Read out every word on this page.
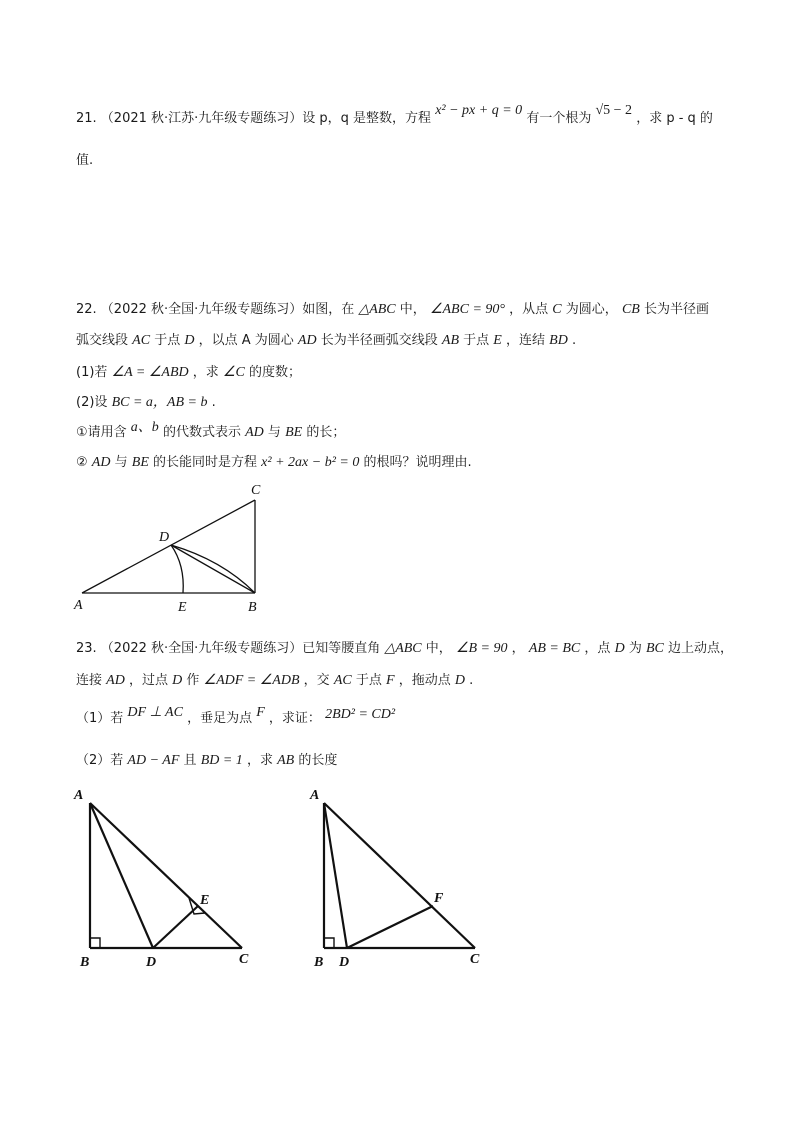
21. （2021 秋·江苏·九年级专题练习）设 p，q 是整数，方程 x² − px + q = 0 有一个根为 √5 − 2 ，求 p - q 的
值.
22. （2022 秋·全国·九年级专题练习）如图，在 △ABC 中， ∠ABC = 90° ，从点 C 为圆心， CB 长为半径画
弧交线段 AC 于点 D ，以点 A 为圆心 AD 长为半径画弧交线段 AB 于点 E ，连结 BD .
(1)若 ∠A = ∠ABD ，求 ∠C 的度数；
(2)设 BC = a，AB = b .
①请用含 a、b 的代数式表示 AD 与 BE 的长；
② AD 与 BE 的长能同时是方程 x² + 2ax − b² = 0 的根吗？说明理由.
C
D
A	E	B
23. （2022 秋·全国·九年级专题练习）已知等腰直角 △ABC 中， ∠B = 90 ， AB = BC ，点 D 为 BC 边上动点，
连接 AD ，过点 D 作 ∠ADF = ∠ADB ，交 AC 于点 F ，拖动点 D .
（1）若 DF ⊥ AC ，垂足为点 F ，求证： 2BD² = CD²
（2）若 AD − AF 且 BD = 1 ，求 AB 的长度
A
E
B	D	C
A
F
B D	C
